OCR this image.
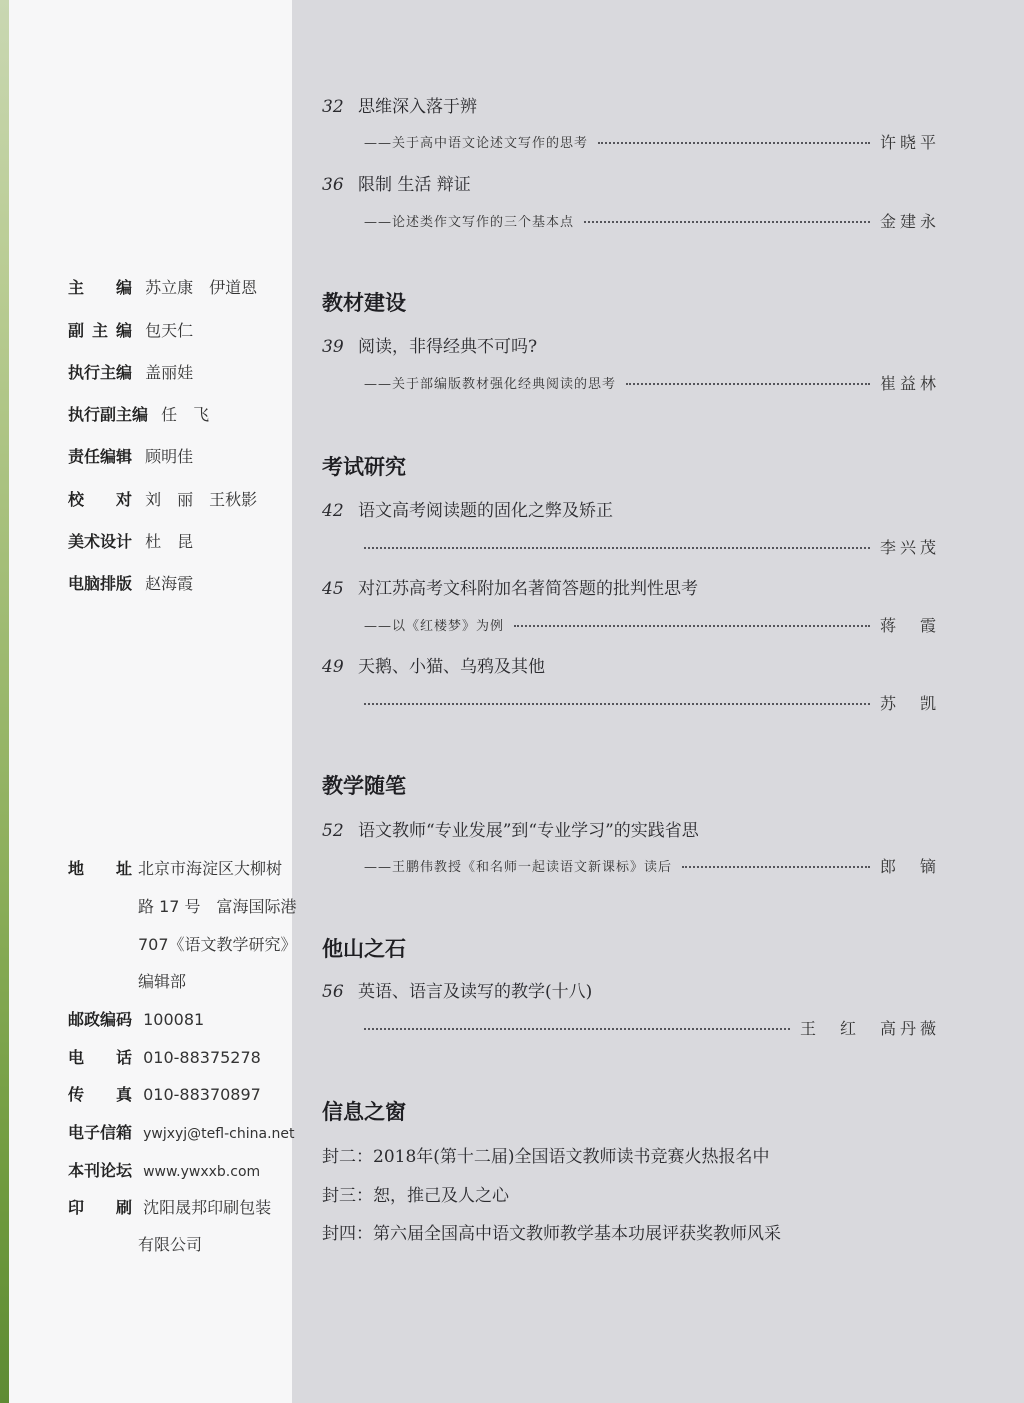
主　　编 苏立康　伊道恩
副 主 编 包天仁
执行主编 盖丽娃
执行副主编 任　飞
责任编辑 顾明佳
校　　对 刘　丽　王秋影
美术设计 杜　昆
电脑排版 赵海霞
地　　址 北京市海淀区大柳树
路 17 号　富海国际港
707《语文教学研究》
编辑部
邮政编码 100081
电　　话 010-88375278
传　　真 010-88370897
电子信箱 ywjxyj@tefl-china.net
本刊论坛 www.ywxxb.com
印　　刷 沈阳晟邦印刷包装
有限公司
32 思维深入落于辨
——关于高中语文论述文写作的思考	许晓平
36 限制 生活 辩证
——论述类作文写作的三个基本点	金建永
教材建设
39 阅读，非得经典不可吗?
——关于部编版教材强化经典阅读的思考	崔益林
考试研究
42 语文高考阅读题的固化之弊及矫正
李兴茂
45 对江苏高考文科附加名著简答题的批判性思考
——以《红楼梦》为例	蒋　霞
49 天鹅、小猫、乌鸦及其他
苏　凯
教学随笔
52 语文教师“专业发展”到“专业学习”的实践省思
——王鹏伟教授《和名师一起读语文新课标》读后	郎　镝
他山之石
56 英语、语言及读写的教学(十八)
王　红　高丹薇
信息之窗
封二：2018年(第十二届)全国语文教师读书竞赛火热报名中
封三：恕，推己及人之心
封四：第六届全国高中语文教师教学基本功展评获奖教师风采
